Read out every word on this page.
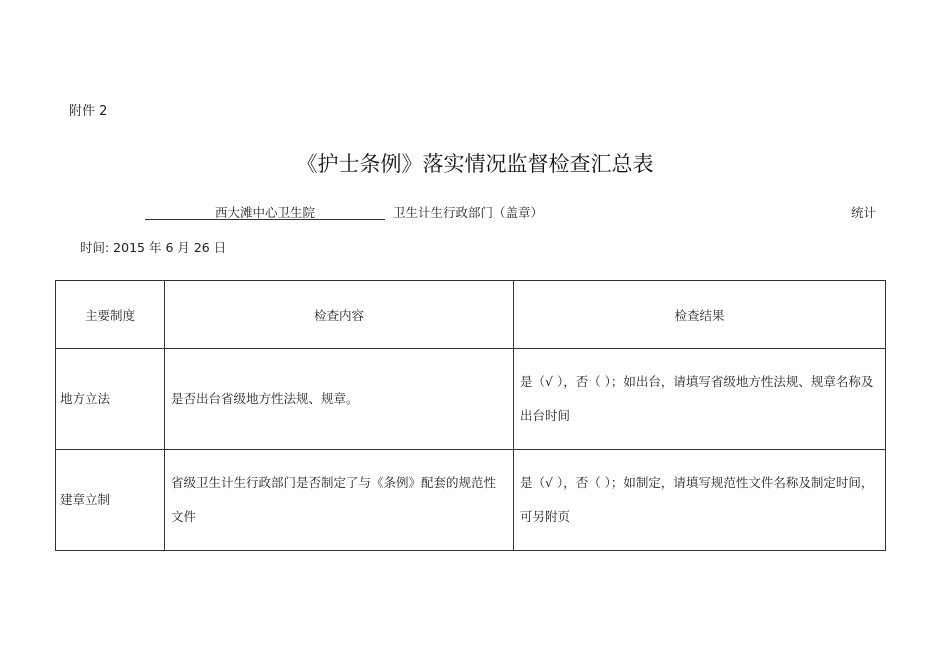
附件 2
《护士条例》落实情况监督检查汇总表
西大滩中心卫生院	卫生计生行政部门（盖章）	统计
时间: 2015 年 6 月 26 日
主要制度	检查内容	检查结果
地方立法	是否出台省级地方性法规、规章。	是（√ ），否（ ）；如出台，请填写省级地方性法规、规章名称及出台时间
建章立制	省级卫生计生行政部门是否制定了与《条例》配套的规范性文件	是（√ ），否（ ）；如制定，请填写规范性文件名称及制定时间，可另附页
